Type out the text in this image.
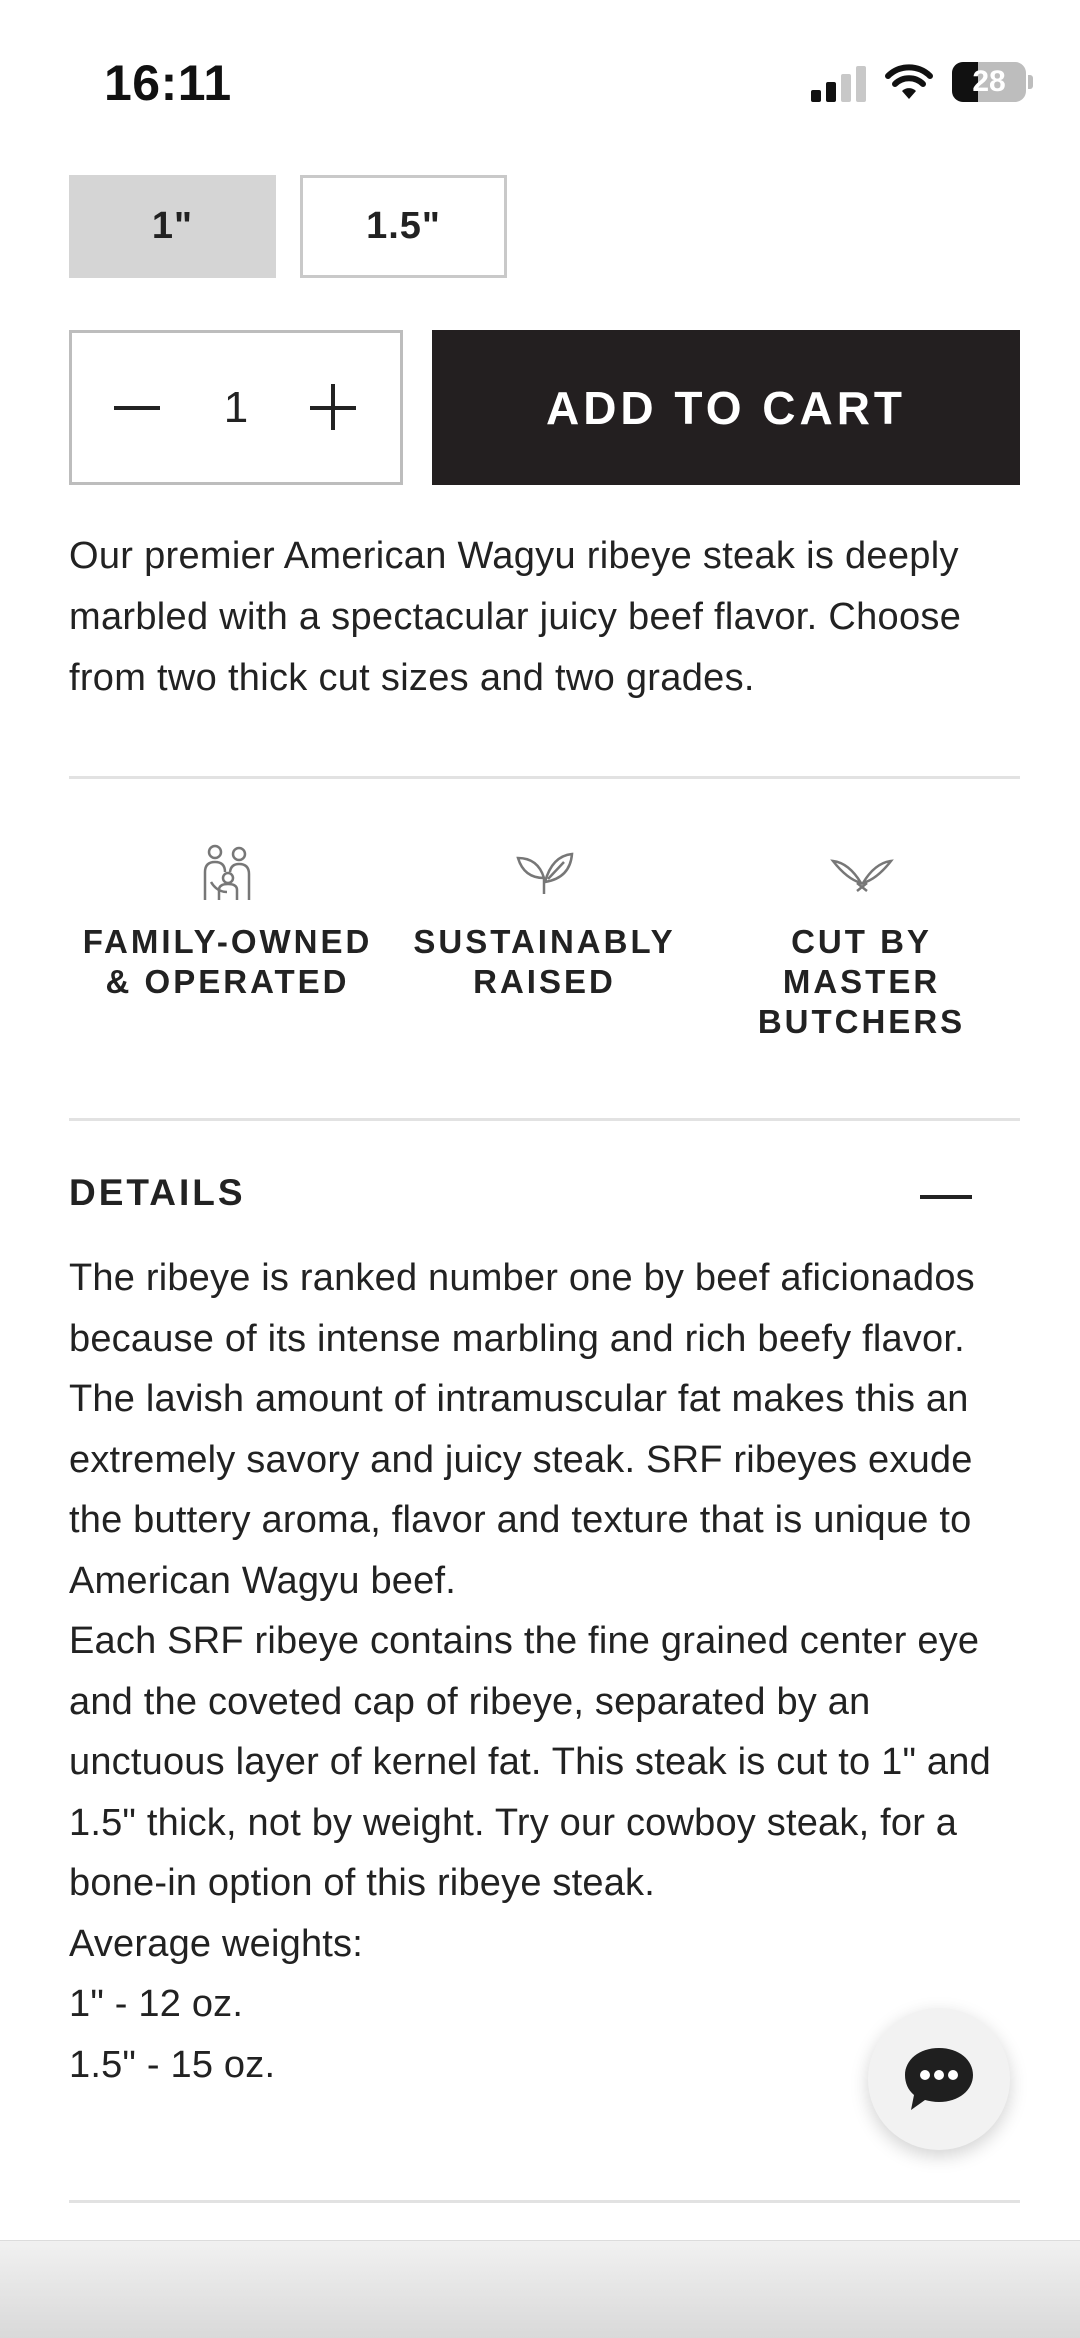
16:11	28
1"	1.5"
1	ADD TO CART
Our premier American Wagyu ribeye steak is deeply marbled with a spectacular juicy beef flavor. Choose from two thick cut sizes and two grades.
FAMILY-OWNED
& OPERATED
SUSTAINABLY
RAISED
CUT BY
MASTER
BUTCHERS
DETAILS

The ribeye is ranked number one by beef aficionados because of its intense marbling and rich beefy flavor. The lavish amount of intramuscular fat makes this an extremely savory and juicy steak. SRF ribeyes exude the buttery aroma, flavor and texture that is unique to American Wagyu beef.

Each SRF ribeye contains the fine grained center eye and the coveted cap of ribeye, separated by an unctuous layer of kernel fat. This steak is cut to 1" and 1.5" thick, not by weight. Try our cowboy steak, for a bone-in option of this ribeye steak.

Average weights:

1" - 12 oz.

1.5" - 15 oz.
